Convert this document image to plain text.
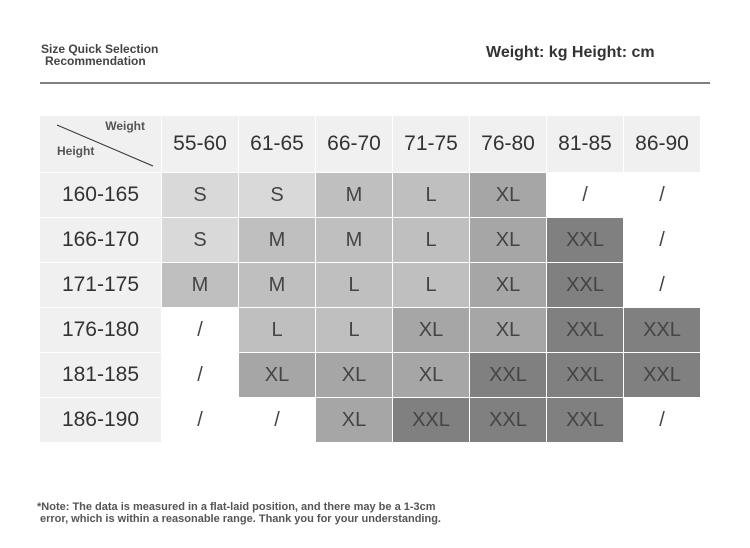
Size Quick Selection
Recommendation	Weight: kg Height: cm
Weight
Height	55-60	61-65	66-70	71-75	76-80	81-85	86-90
160-165	S	S	M	L	XL	/	/
166-170	S	M	M	L	XL	XXL	/
171-175	M	M	L	L	XL	XXL	/
176-180	/	L	L	XL	XL	XXL	XXL
181-185	/	XL	XL	XL	XXL	XXL	XXL
186-190	/	/	XL	XXL	XXL	XXL	/
*Note: The data is measured in a flat-laid position, and there may be a 1-3cm
error, which is within a reasonable range. Thank you for your understanding.
